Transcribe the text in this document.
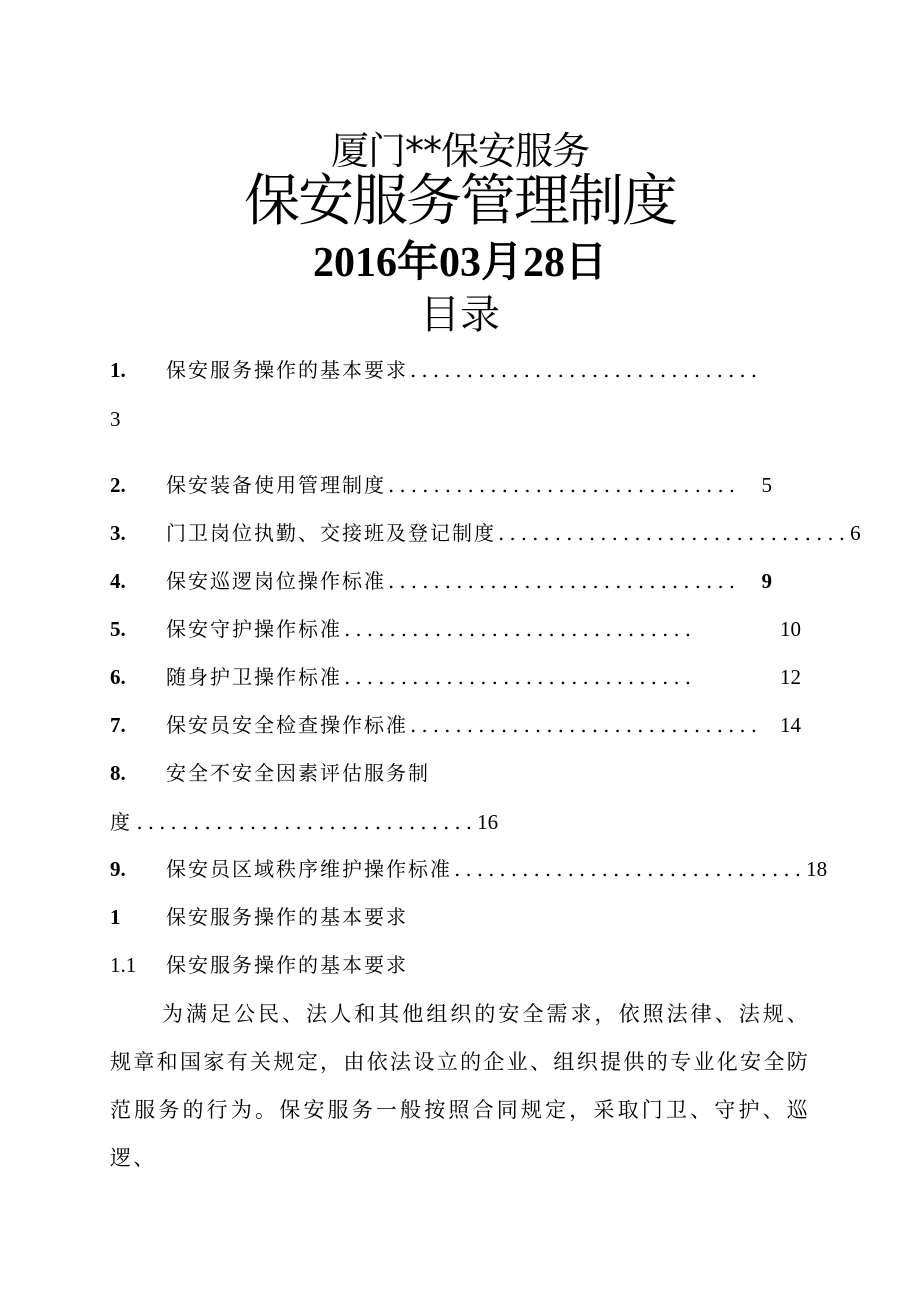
厦门**保安服务
保安服务管理制度
2016年03月28日
目录
1. 保安服务操作的基本要求 ...............................
3
2. 保安装备使用管理制度 ...............................	5
3. 门卫岗位执勤、交接班及登记制度 ............................... 6
4. 保安巡逻岗位操作标准 ...............................	9
5. 保安守护操作标准 ...............................	10
6. 随身护卫操作标准 ...............................	12
7. 保安员安全检查操作标准 ............................... 14
8. 安全不安全因素评估服务制
度 ..............................16
9. 保安员区域秩序维护操作标准 ............................... 18
1 保安服务操作的基本要求
1.1 保安服务操作的基本要求
为满足公民、法人和其他组织的安全需求，依照法律、法规、规章和国家有关规定，由依法设立的企业、组织提供的专业化安全防范服务的行为。保安服务一般按照合同规定，采取门卫、守护、巡逻、
